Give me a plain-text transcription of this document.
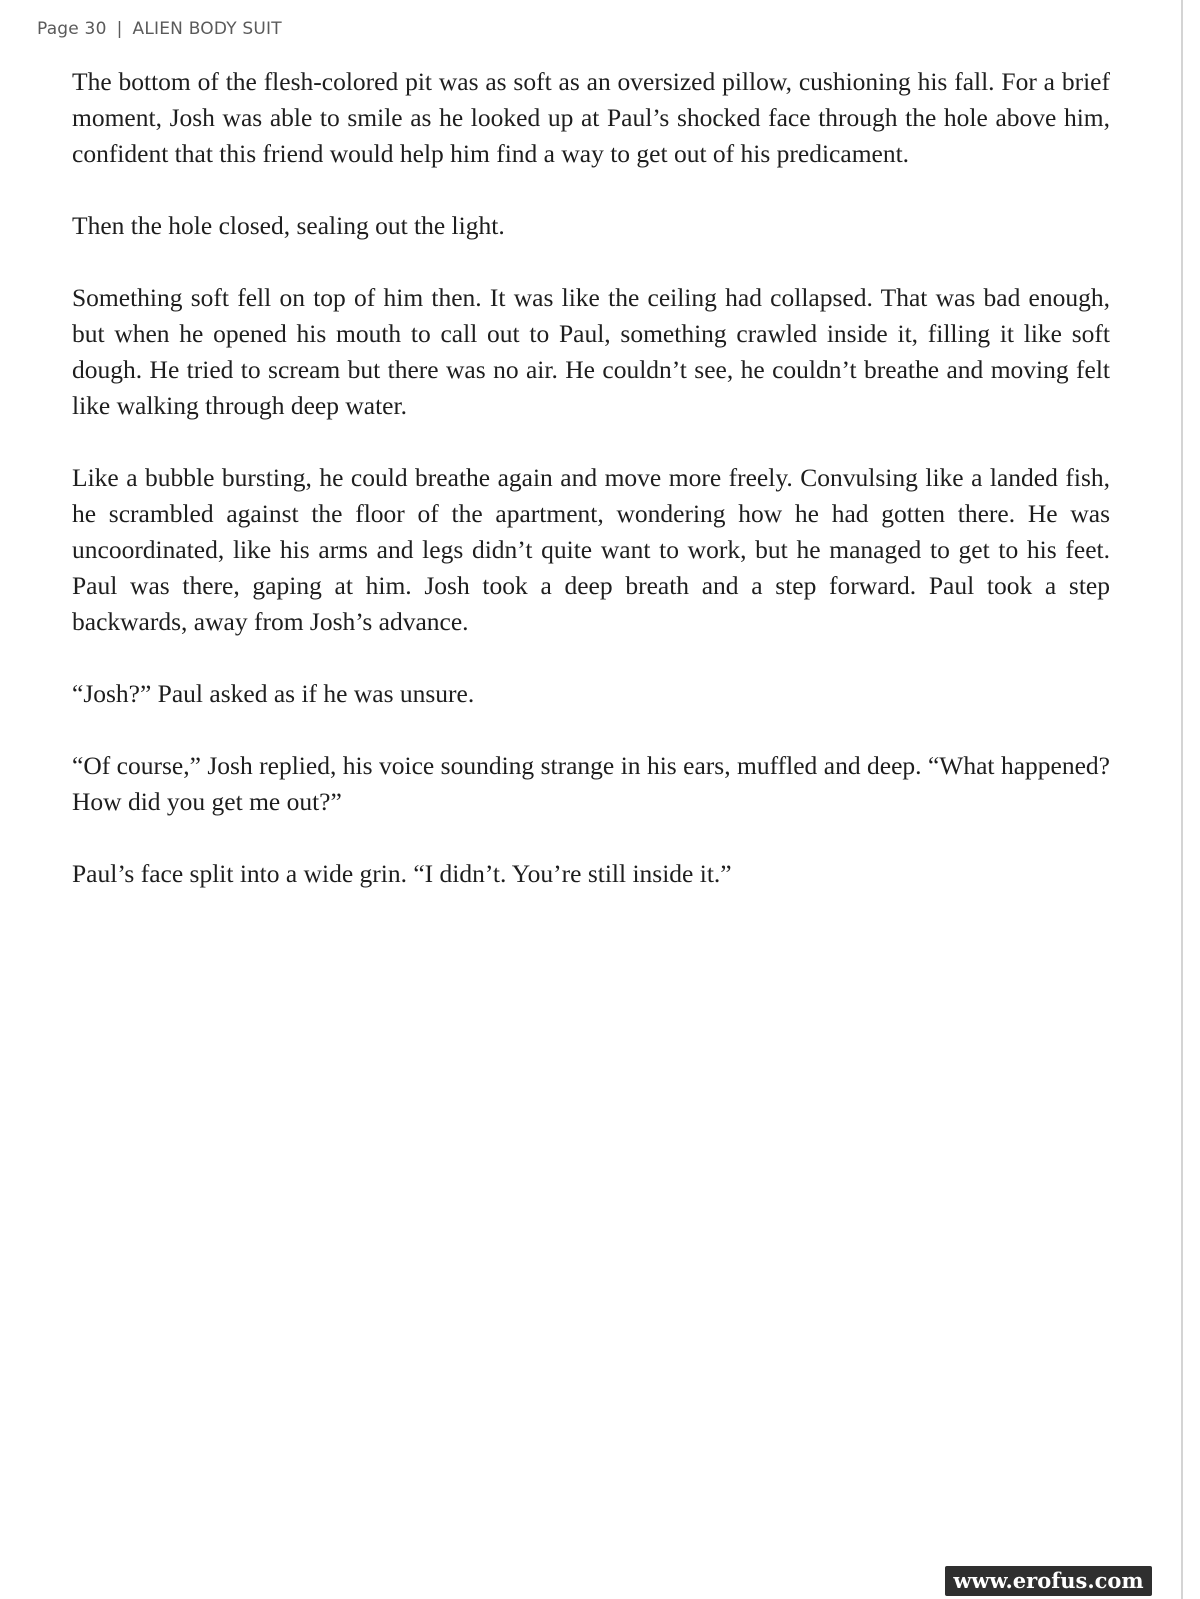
Page 30 | ALIEN BODY SUIT

The bottom of the flesh-colored pit was as soft as an oversized pillow, cushioning his fall. For a brief moment, Josh was able to smile as he looked up at Paul’s shocked face through the hole above him, confident that this friend would help him find a way to get out of his predicament.

Then the hole closed, sealing out the light.

Something soft fell on top of him then. It was like the ceiling had collapsed. That was bad enough, but when he opened his mouth to call out to Paul, something crawled inside it, filling it like soft dough. He tried to scream but there was no air. He couldn’t see, he couldn’t breathe and moving felt like walking through deep water.

Like a bubble bursting, he could breathe again and move more freely. Convulsing like a landed fish, he scrambled against the floor of the apartment, wondering how he had gotten there. He was uncoordinated, like his arms and legs didn’t quite want to work, but he managed to get to his feet. Paul was there, gaping at him. Josh took a deep breath and a step forward. Paul took a step backwards, away from Josh’s advance.

“Josh?” Paul asked as if he was unsure.

“Of course,” Josh replied, his voice sounding strange in his ears, muffled and deep. “What happened? How did you get me out?”

Paul’s face split into a wide grin. “I didn’t. You’re still inside it.”

www.erofus.com
